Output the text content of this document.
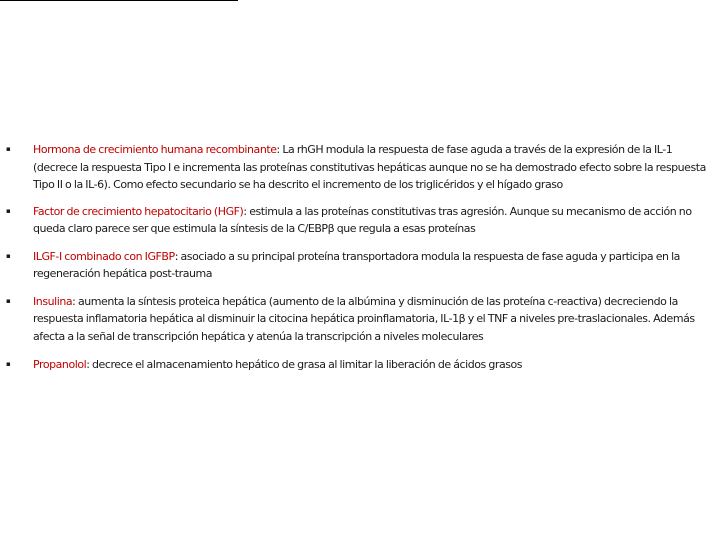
▪ Hormona de crecimiento humana recombinante: La rhGH modula la respuesta de fase aguda a través de la expresión de la IL-1 (decrece la respuesta Tipo I e incrementa las proteínas constitutivas hepáticas aunque no se ha demostrado efecto sobre la respuesta Tipo II o la IL-6). Como efecto secundario se ha descrito el incremento de los triglicéridos y el hígado graso
▪ Factor de crecimiento hepatocitario (HGF): estimula a las proteínas constitutivas tras agresión. Aunque su mecanismo de acción no queda claro parece ser que estimula la síntesis de la C/EBPβ que regula a esas proteínas
▪ ILGF-I combinado con IGFBP: asociado a su principal proteína transportadora modula la respuesta de fase aguda y participa en la regeneración hepática post-trauma
▪ Insulina: aumenta la síntesis proteica hepática (aumento de la albúmina y disminución de las proteína c-reactiva) decreciendo la respuesta inflamatoria hepática al disminuir la citocina hepática proinflamatoria, IL-1β y el TNF a niveles pre-traslacionales. Además afecta a la señal de transcripción hepática y atenúa la transcripción a niveles moleculares
▪ Propanolol: decrece el almacenamiento hepático de grasa al limitar la liberación de ácidos grasos
